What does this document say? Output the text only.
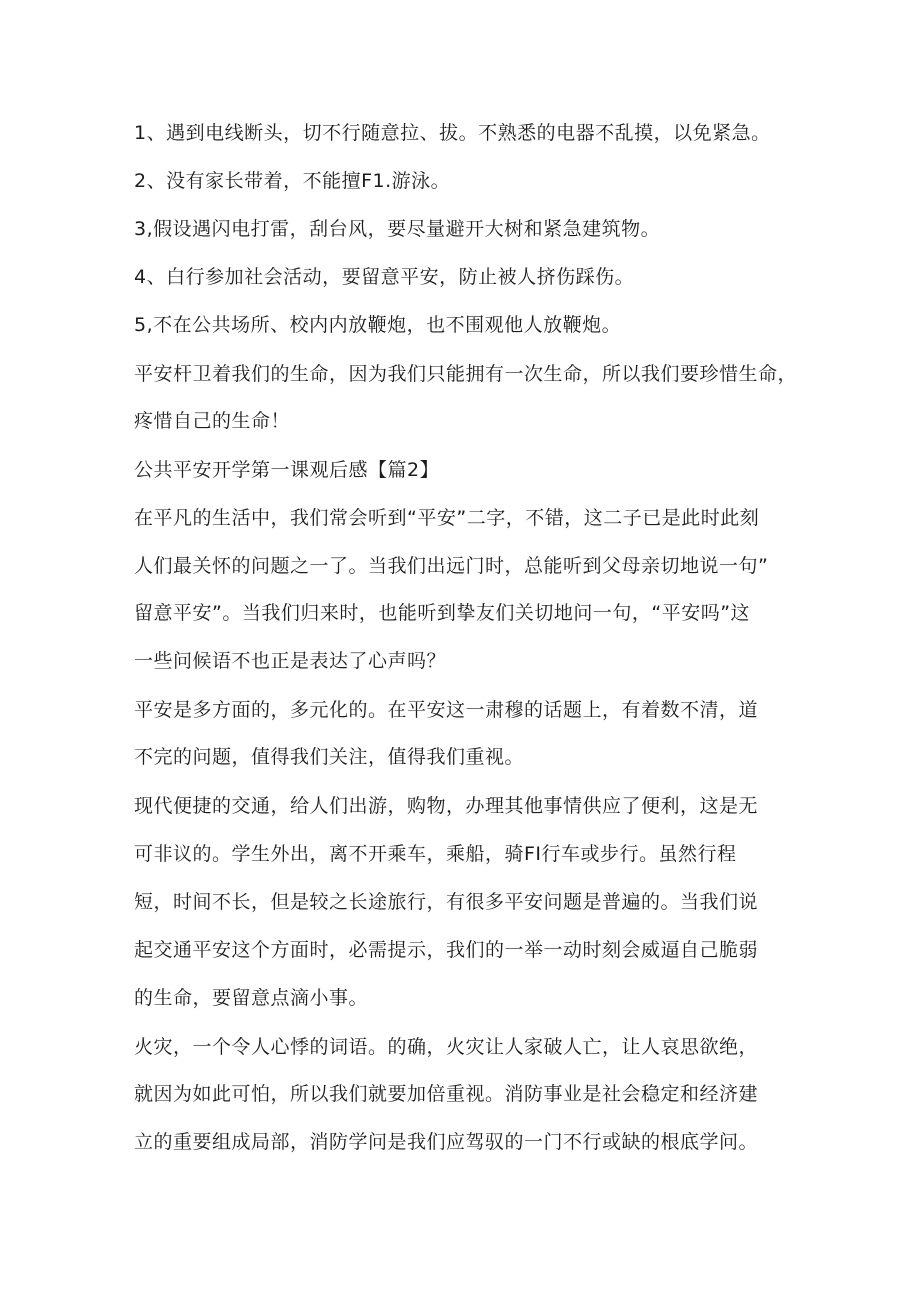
1、遇到电线断头，切不行随意拉、拔。不熟悉的电器不乱摸，以免紧急。

2、没有家长带着，不能擅F1.游泳。

3,假设遇闪电打雷，刮台风，要尽量避开大树和紧急建筑物。

4、白行参加社会活动，要留意平安，防止被人挤伤踩伤。

5,不在公共场所、校内内放鞭炮，也不围观他人放鞭炮。

平安杆卫着我们的生命，因为我们只能拥有一次生命，所以我们要珍惜生命，

疼惜自己的生命！

公共平安开学第一课观后感【篇2】

在平凡的生活中，我们常会听到“平安”二字，不错，这二子已是此时此刻

人们最关怀的问题之一了。当我们出远门时，总能听到父母亲切地说一句”

留意平安”。当我们归来时，也能听到挚友们关切地问一句，“平安吗”这

一些问候语不也正是表达了心声吗？

平安是多方面的，多元化的。在平安这一肃穆的话题上，有着数不清，道

不完的问题，值得我们关注，值得我们重视。

现代便捷的交通，给人们出游，购物，办理其他事情供应了便利，这是无

可非议的。学生外出，离不开乘车，乘船，骑FI行车或步行。虽然行程

短，时间不长，但是较之长途旅行，有很多平安问题是普遍的。当我们说

起交通平安这个方面时，必需提示，我们的一举一动时刻会威逼自己脆弱

的生命，要留意点滴小事。

火灾，一个令人心悸的词语。的确，火灾让人家破人亡，让人哀思欲绝，

就因为如此可怕，所以我们就要加倍重视。消防事业是社会稳定和经济建

立的重要组成局部，消防学问是我们应驾驭的一门不行或缺的根底学问。
